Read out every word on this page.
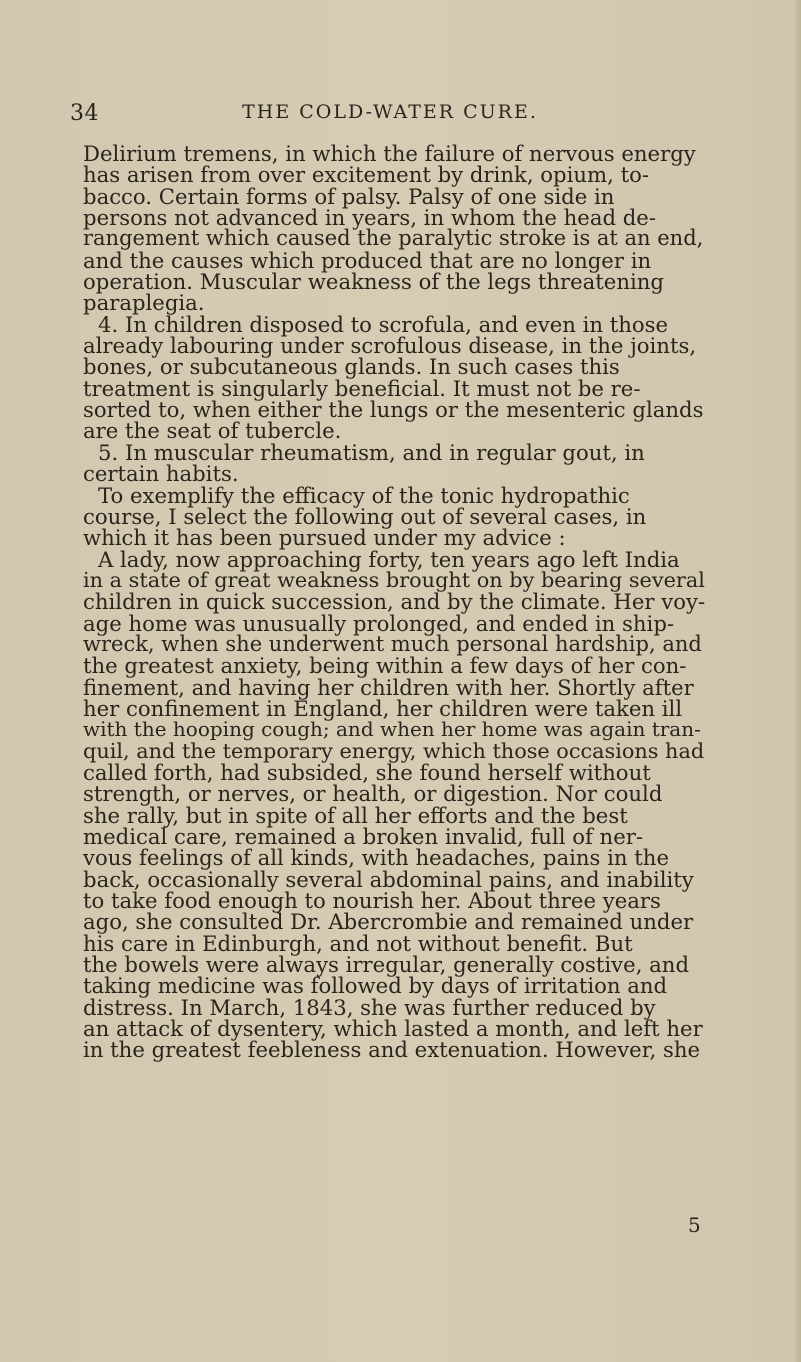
34	THE COLD-WATER CURE.
Delirium tremens, in which the failure of nervous energy
has arisen from over excitement by drink, opium, to-
bacco. Certain forms of palsy. Palsy of one side in
persons not advanced in years, in whom the head de-
rangement which caused the paralytic stroke is at an end,
and the causes which produced that are no longer in
operation. Muscular weakness of the legs threatening
paraplegia.
4. In children disposed to scrofula, and even in those
already labouring under scrofulous disease, in the joints,
bones, or subcutaneous glands. In such cases this
treatment is singularly beneficial. It must not be re-
sorted to, when either the lungs or the mesenteric glands
are the seat of tubercle.
5. In muscular rheumatism, and in regular gout, in
certain habits.
To exemplify the efficacy of the tonic hydropathic
course, I select the following out of several cases, in
which it has been pursued under my advice :
A lady, now approaching forty, ten years ago left India
in a state of great weakness brought on by bearing several
children in quick succession, and by the climate. Her voy-
age home was unusually prolonged, and ended in ship-
wreck, when she underwent much personal hardship, and
the greatest anxiety, being within a few days of her con-
finement, and having her children with her. Shortly after
her confinement in England, her children were taken ill
with the hooping cough; and when her home was again tran-
quil, and the temporary energy, which those occasions had
called forth, had subsided, she found herself without
strength, or nerves, or health, or digestion. Nor could
she rally, but in spite of all her efforts and the best
medical care, remained a broken invalid, full of ner-
vous feelings of all kinds, with headaches, pains in the
back, occasionally several abdominal pains, and inability
to take food enough to nourish her. About three years
ago, she consulted Dr. Abercrombie and remained under
his care in Edinburgh, and not without benefit. But
the bowels were always irregular, generally costive, and
taking medicine was followed by days of irritation and
distress. In March, 1843, she was further reduced by
an attack of dysentery, which lasted a month, and left her
in the greatest feebleness and extenuation. However, she
5
